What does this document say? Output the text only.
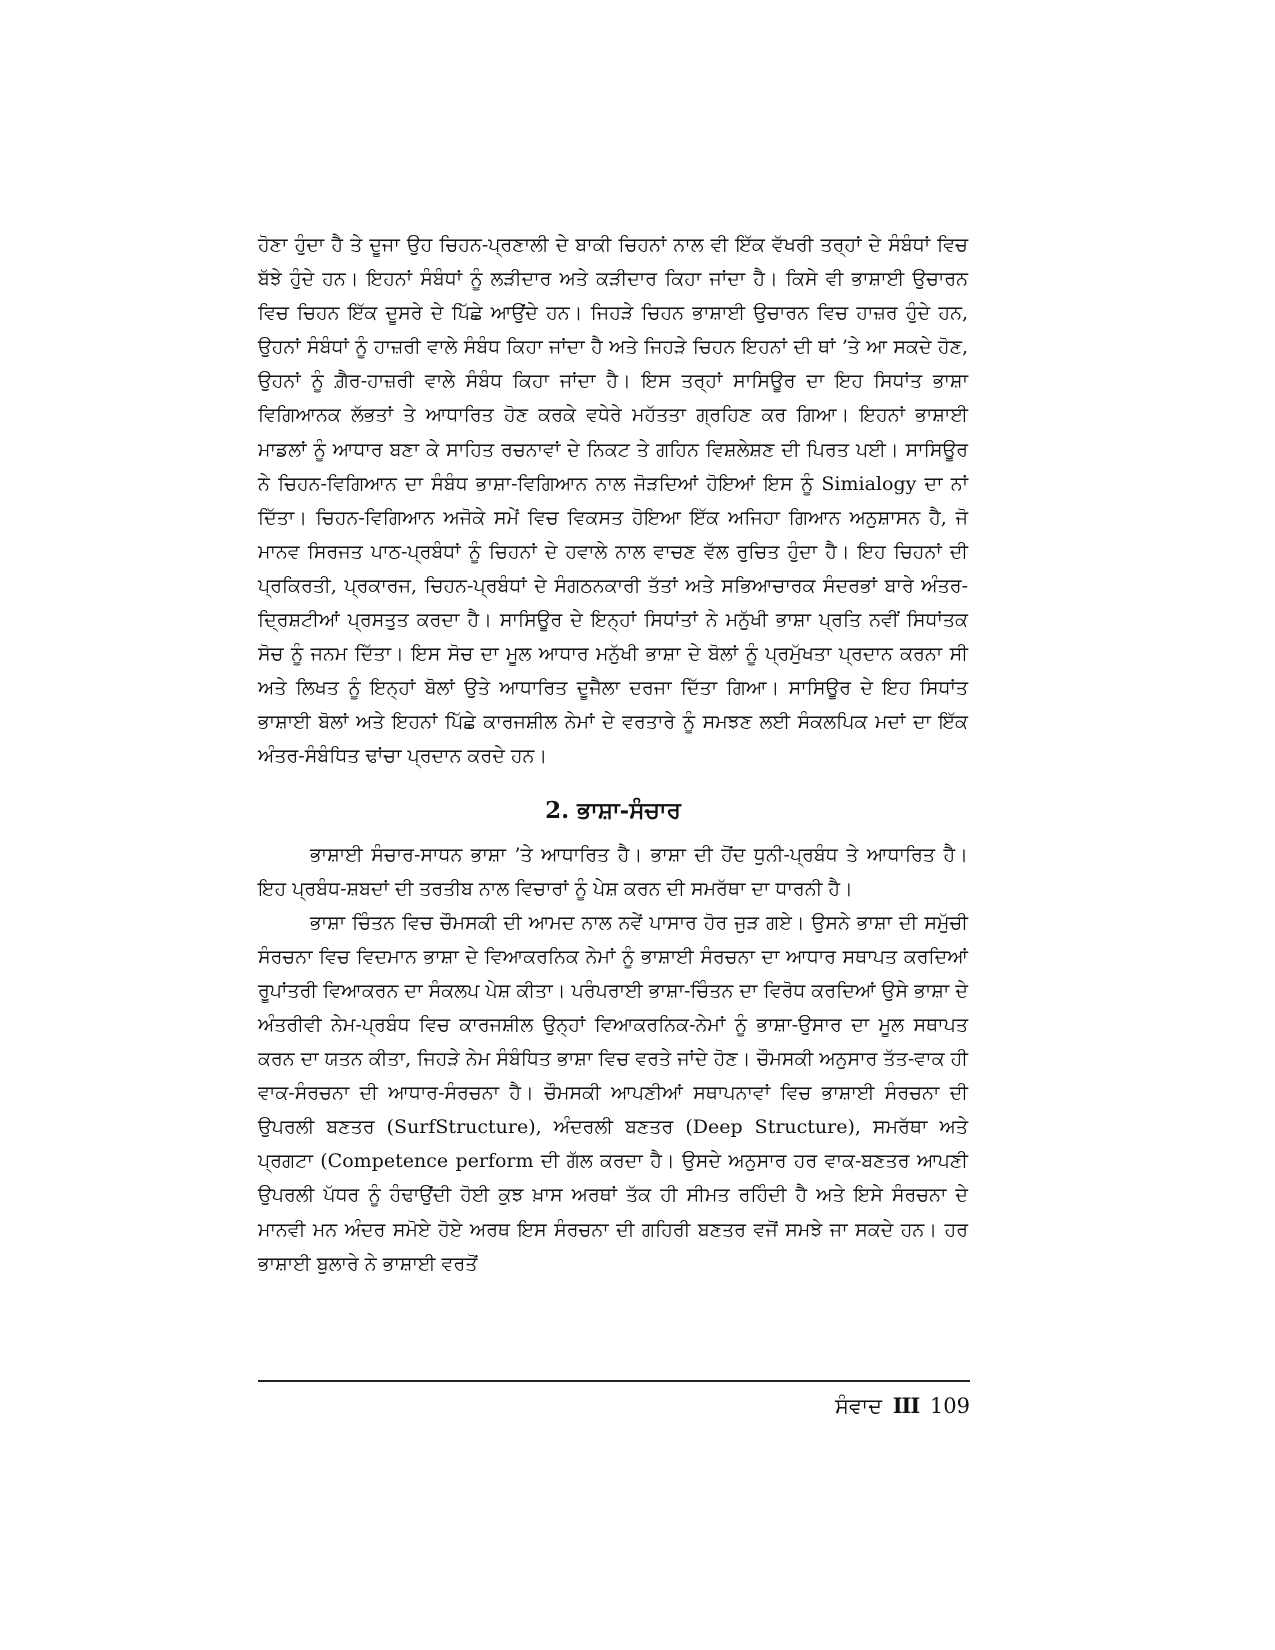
ਹੋਣਾ ਹੁੰਦਾ ਹੈ ਤੇ ਦੂਜਾ ਉਹ ਚਿਹਨ-ਪ੍ਰਣਾਲੀ ਦੇ ਬਾਕੀ ਚਿਹਨਾਂ ਨਾਲ ਵੀ ਇੱਕ ਵੱਖਰੀ ਤਰ੍ਹਾਂ ਦੇ ਸੰਬੰਧਾਂ ਵਿਚ ਬੱਝੇ ਹੁੰਦੇ ਹਨ। ਇਹਨਾਂ ਸੰਬੰਧਾਂ ਨੂੰ ਲੜੀਦਾਰ ਅਤੇ ਕੜੀਦਾਰ ਕਿਹਾ ਜਾਂਦਾ ਹੈ। ਕਿਸੇ ਵੀ ਭਾਸ਼ਾਈ ਉਚਾਰਨ ਵਿਚ ਚਿਹਨ ਇੱਕ ਦੂਸਰੇ ਦੇ ਪਿੱਛੇ ਆਉਂਦੇ ਹਨ। ਜਿਹੜੇ ਚਿਹਨ ਭਾਸ਼ਾਈ ਉਚਾਰਨ ਵਿਚ ਹਾਜ਼ਰ ਹੁੰਦੇ ਹਨ, ਉਹਨਾਂ ਸੰਬੰਧਾਂ ਨੂੰ ਹਾਜ਼ਰੀ ਵਾਲੇ ਸੰਬੰਧ ਕਿਹਾ ਜਾਂਦਾ ਹੈ ਅਤੇ ਜਿਹੜੇ ਚਿਹਨ ਇਹਨਾਂ ਦੀ ਥਾਂ ’ਤੇ ਆ ਸਕਦੇ ਹੋਣ, ਉਹਨਾਂ ਨੂੰ ਗ਼ੈਰ-ਹਾਜ਼ਰੀ ਵਾਲੇ ਸੰਬੰਧ ਕਿਹਾ ਜਾਂਦਾ ਹੈ। ਇਸ ਤਰ੍ਹਾਂ ਸਾਸਿਊਰ ਦਾ ਇਹ ਸਿਧਾਂਤ ਭਾਸ਼ਾ ਵਿਗਿਆਨਕ ਲੱਭਤਾਂ ਤੇ ਆਧਾਰਿਤ ਹੋਣ ਕਰਕੇ ਵਧੇਰੇ ਮਹੱਤਤਾ ਗ੍ਰਹਿਣ ਕਰ ਗਿਆ। ਇਹਨਾਂ ਭਾਸ਼ਾਈ ਮਾਡਲਾਂ ਨੂੰ ਆਧਾਰ ਬਣਾ ਕੇ ਸਾਹਿਤ ਰਚਨਾਵਾਂ ਦੇ ਨਿਕਟ ਤੇ ਗਹਿਨ ਵਿਸ਼ਲੇਸ਼ਣ ਦੀ ਪਿਰਤ ਪਈ। ਸਾਸਿਊਰ ਨੇ ਚਿਹਨ-ਵਿਗਿਆਨ ਦਾ ਸੰਬੰਧ ਭਾਸ਼ਾ-ਵਿਗਿਆਨ ਨਾਲ ਜੋੜਦਿਆਂ ਹੋਇਆਂ ਇਸ ਨੂੰ Simialogy ਦਾ ਨਾਂ ਦਿੱਤਾ। ਚਿਹਨ-ਵਿਗਿਆਨ ਅਜੋਕੇ ਸਮੇਂ ਵਿਚ ਵਿਕਸਤ ਹੋਇਆ ਇੱਕ ਅਜਿਹਾ ਗਿਆਨ ਅਨੁਸ਼ਾਸਨ ਹੈ, ਜੋ ਮਾਨਵ ਸਿਰਜਤ ਪਾਠ-ਪ੍ਰਬੰਧਾਂ ਨੂੰ ਚਿਹਨਾਂ ਦੇ ਹਵਾਲੇ ਨਾਲ ਵਾਚਣ ਵੱਲ ਰੁਚਿਤ ਹੁੰਦਾ ਹੈ। ਇਹ ਚਿਹਨਾਂ ਦੀ ਪ੍ਰਕਿਰਤੀ, ਪ੍ਰਕਾਰਜ, ਚਿਹਨ-ਪ੍ਰਬੰਧਾਂ ਦੇ ਸੰਗਠਨਕਾਰੀ ਤੱਤਾਂ ਅਤੇ ਸਭਿਆਚਾਰਕ ਸੰਦਰਭਾਂ ਬਾਰੇ ਅੰਤਰ-ਦ੍ਰਿਸ਼ਟੀਆਂ ਪ੍ਰਸਤੁਤ ਕਰਦਾ ਹੈ। ਸਾਸਿਊਰ ਦੇ ਇਨ੍ਹਾਂ ਸਿਧਾਂਤਾਂ ਨੇ ਮਨੁੱਖੀ ਭਾਸ਼ਾ ਪ੍ਰਤਿ ਨਵੀਂ ਸਿਧਾਂਤਕ ਸੋਚ ਨੂੰ ਜਨਮ ਦਿੱਤਾ। ਇਸ ਸੋਚ ਦਾ ਮੂਲ ਆਧਾਰ ਮਨੁੱਖੀ ਭਾਸ਼ਾ ਦੇ ਬੋਲਾਂ ਨੂੰ ਪ੍ਰਮੁੱਖਤਾ ਪ੍ਰਦਾਨ ਕਰਨਾ ਸੀ ਅਤੇ ਲਿਖਤ ਨੂੰ ਇਨ੍ਹਾਂ ਬੋਲਾਂ ਉਤੇ ਆਧਾਰਿਤ ਦੂਜੈਲਾ ਦਰਜਾ ਦਿੱਤਾ ਗਿਆ। ਸਾਸਿਊਰ ਦੇ ਇਹ ਸਿਧਾਂਤ ਭਾਸ਼ਾਈ ਬੋਲਾਂ ਅਤੇ ਇਹਨਾਂ ਪਿੱਛੇ ਕਾਰਜਸ਼ੀਲ ਨੇਮਾਂ ਦੇ ਵਰਤਾਰੇ ਨੂੰ ਸਮਝਣ ਲਈ ਸੰਕਲਪਿਕ ਮਦਾਂ ਦਾ ਇੱਕ ਅੰਤਰ-ਸੰਬੰਧਿਤ ਢਾਂਚਾ ਪ੍ਰਦਾਨ ਕਰਦੇ ਹਨ।

2. ਭਾਸ਼ਾ-ਸੰਚਾਰ

ਭਾਸ਼ਾਈ ਸੰਚਾਰ-ਸਾਧਨ ਭਾਸ਼ਾ ’ਤੇ ਆਧਾਰਿਤ ਹੈ। ਭਾਸ਼ਾ ਦੀ ਹੋਂਦ ਧੁਨੀ-ਪ੍ਰਬੰਧ ਤੇ ਆਧਾਰਿਤ ਹੈ। ਇਹ ਪ੍ਰਬੰਧ-ਸ਼ਬਦਾਂ ਦੀ ਤਰਤੀਬ ਨਾਲ ਵਿਚਾਰਾਂ ਨੂੰ ਪੇਸ਼ ਕਰਨ ਦੀ ਸਮਰੱਥਾ ਦਾ ਧਾਰਨੀ ਹੈ।

ਭਾਸ਼ਾ ਚਿੰਤਨ ਵਿਚ ਚੌਮਸਕੀ ਦੀ ਆਮਦ ਨਾਲ ਨਵੇਂ ਪਾਸਾਰ ਹੋਰ ਜੁੜ ਗਏ। ਉਸਨੇ ਭਾਸ਼ਾ ਦੀ ਸਮੁੱਚੀ ਸੰਰਚਨਾ ਵਿਚ ਵਿਦਮਾਨ ਭਾਸ਼ਾ ਦੇ ਵਿਆਕਰਨਿਕ ਨੇਮਾਂ ਨੂੰ ਭਾਸ਼ਾਈ ਸੰਰਚਨਾ ਦਾ ਆਧਾਰ ਸਥਾਪਤ ਕਰਦਿਆਂ ਰੂਪਾਂਤਰੀ ਵਿਆਕਰਨ ਦਾ ਸੰਕਲਪ ਪੇਸ਼ ਕੀਤਾ। ਪਰੰਪਰਾਈ ਭਾਸ਼ਾ-ਚਿੰਤਨ ਦਾ ਵਿਰੋਧ ਕਰਦਿਆਂ ਉਸੇ ਭਾਸ਼ਾ ਦੇ ਅੰਤਰੀਵੀ ਨੇਮ-ਪ੍ਰਬੰਧ ਵਿਚ ਕਾਰਜਸ਼ੀਲ ਉਨ੍ਹਾਂ ਵਿਆਕਰਨਿਕ-ਨੇਮਾਂ ਨੂੰ ਭਾਸ਼ਾ-ਉਸਾਰ ਦਾ ਮੂਲ ਸਥਾਪਤ ਕਰਨ ਦਾ ਯਤਨ ਕੀਤਾ, ਜਿਹੜੇ ਨੇਮ ਸੰਬੰਧਿਤ ਭਾਸ਼ਾ ਵਿਚ ਵਰਤੇ ਜਾਂਦੇ ਹੋਣ। ਚੌਮਸਕੀ ਅਨੁਸਾਰ ਤੱਤ-ਵਾਕ ਹੀ ਵਾਕ-ਸੰਰਚਨਾ ਦੀ ਆਧਾਰ-ਸੰਰਚਨਾ ਹੈ। ਚੌਮਸਕੀ ਆਪਣੀਆਂ ਸਥਾਪਨਾਵਾਂ ਵਿਚ ਭਾਸ਼ਾਈ ਸੰਰਚਨਾ ਦੀ ਉਪਰਲੀ ਬਣਤਰ (SurfStructure), ਅੰਦਰਲੀ ਬਣਤਰ (Deep Structure), ਸਮਰੱਥਾ ਅਤੇ ਪ੍ਰਗਟਾ (Competence perform ਦੀ ਗੱਲ ਕਰਦਾ ਹੈ। ਉਸਦੇ ਅਨੁਸਾਰ ਹਰ ਵਾਕ-ਬਣਤਰ ਆਪਣੀ ਉਪਰਲੀ ਪੱਧਰ ਨੂੰ ਹੰਢਾਉਂਦੀ ਹੋਈ ਕੁਝ ਖ਼ਾਸ ਅਰਥਾਂ ਤੱਕ ਹੀ ਸੀਮਤ ਰਹਿੰਦੀ ਹੈ ਅਤੇ ਇਸੇ ਸੰਰਚਨਾ ਦੇ ਮਾਨਵੀ ਮਨ ਅੰਦਰ ਸਮੋਏ ਹੋਏ ਅਰਥ ਇਸ ਸੰਰਚਨਾ ਦੀ ਗਹਿਰੀ ਬਣਤਰ ਵਜੋਂ ਸਮਝੇ ਜਾ ਸਕਦੇ ਹਨ। ਹਰ ਭਾਸ਼ਾਈ ਬੁਲਾਰੇ ਨੇ ਭਾਸ਼ਾਈ ਵਰਤੋਂ

ਸੰਵਾਦ III 109
